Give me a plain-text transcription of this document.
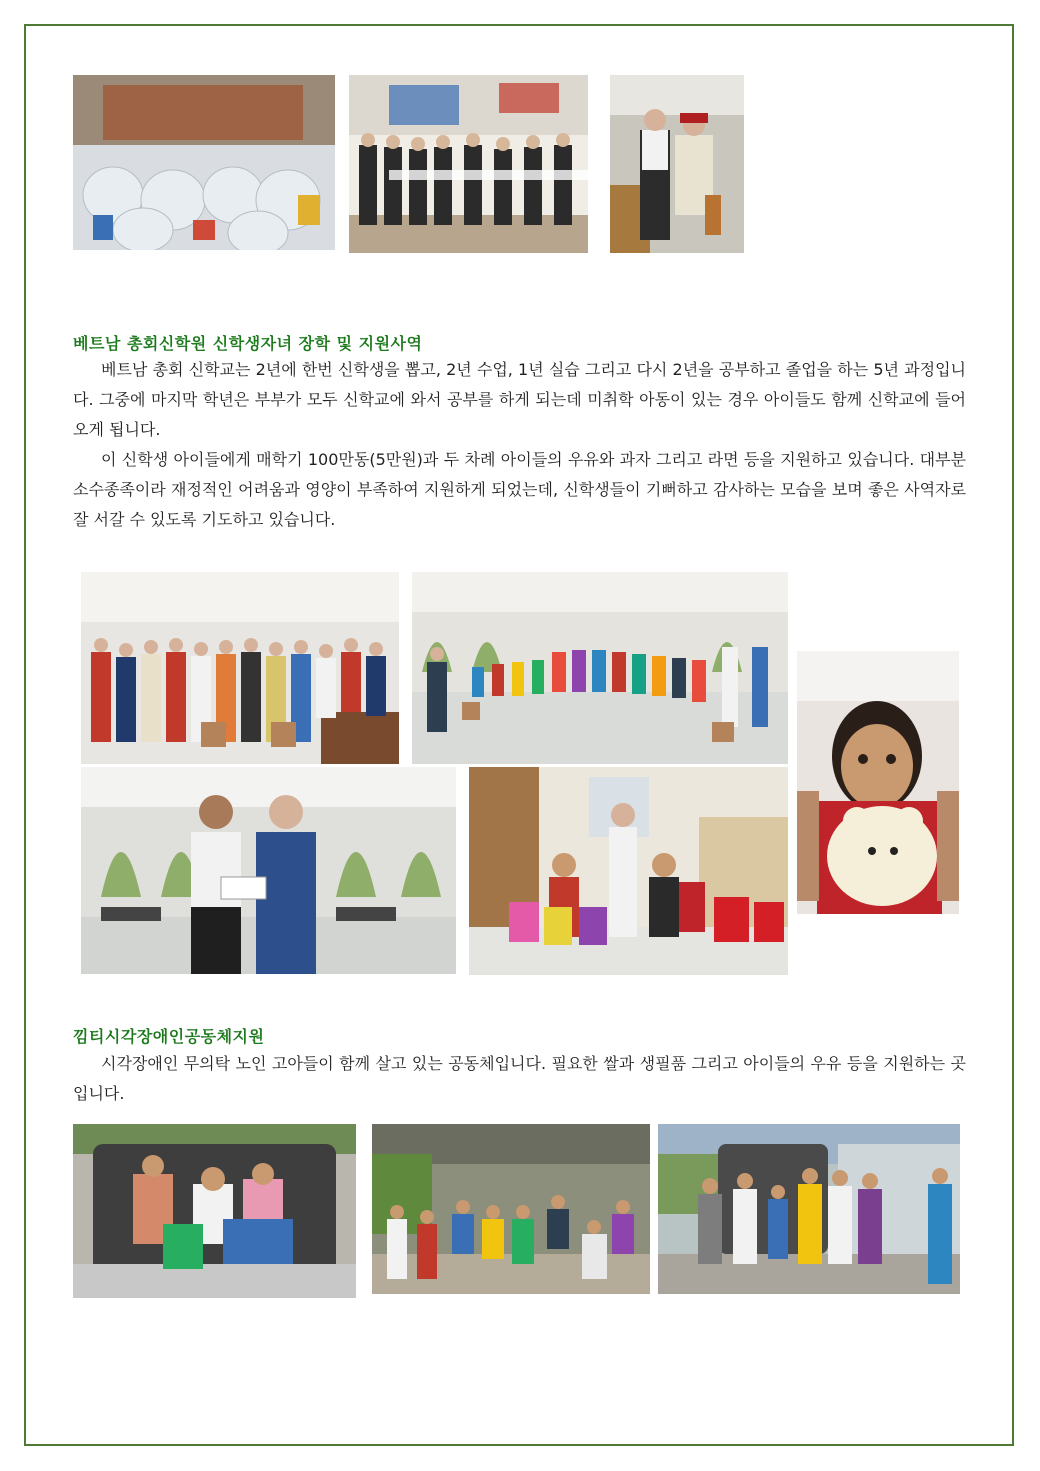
베트남 총회신학원 신학생자녀 장학 및 지원사역

베트남 총회 신학교는 2년에 한번 신학생을 뽑고, 2년 수업, 1년 실습 그리고 다시 2년을 공부하고 졸업을 하는 5년 과정입니다. 그중에 마지막 학년은 부부가 모두 신학교에 와서 공부를 하게 되는데 미취학 아동이 있는 경우 아이들도 함께 신학교에 들어오게 됩니다.

이 신학생 아이들에게 매학기 100만동(5만원)과 두 차례 아이들의 우유와 과자 그리고 라면 등을 지원하고 있습니다. 대부분 소수종족이라 재정적인 어려움과 영양이 부족하여 지원하게 되었는데, 신학생들이 기뻐하고 감사하는 모습을 보며 좋은 사역자로 잘 서갈 수 있도록 기도하고 있습니다.

낌티시각장애인공동체지원

시각장애인 무의탁 노인 고아들이 함께 살고 있는 공동체입니다. 필요한 쌀과 생필품 그리고 아이들의 우유 등을 지원하는 곳입니다.
